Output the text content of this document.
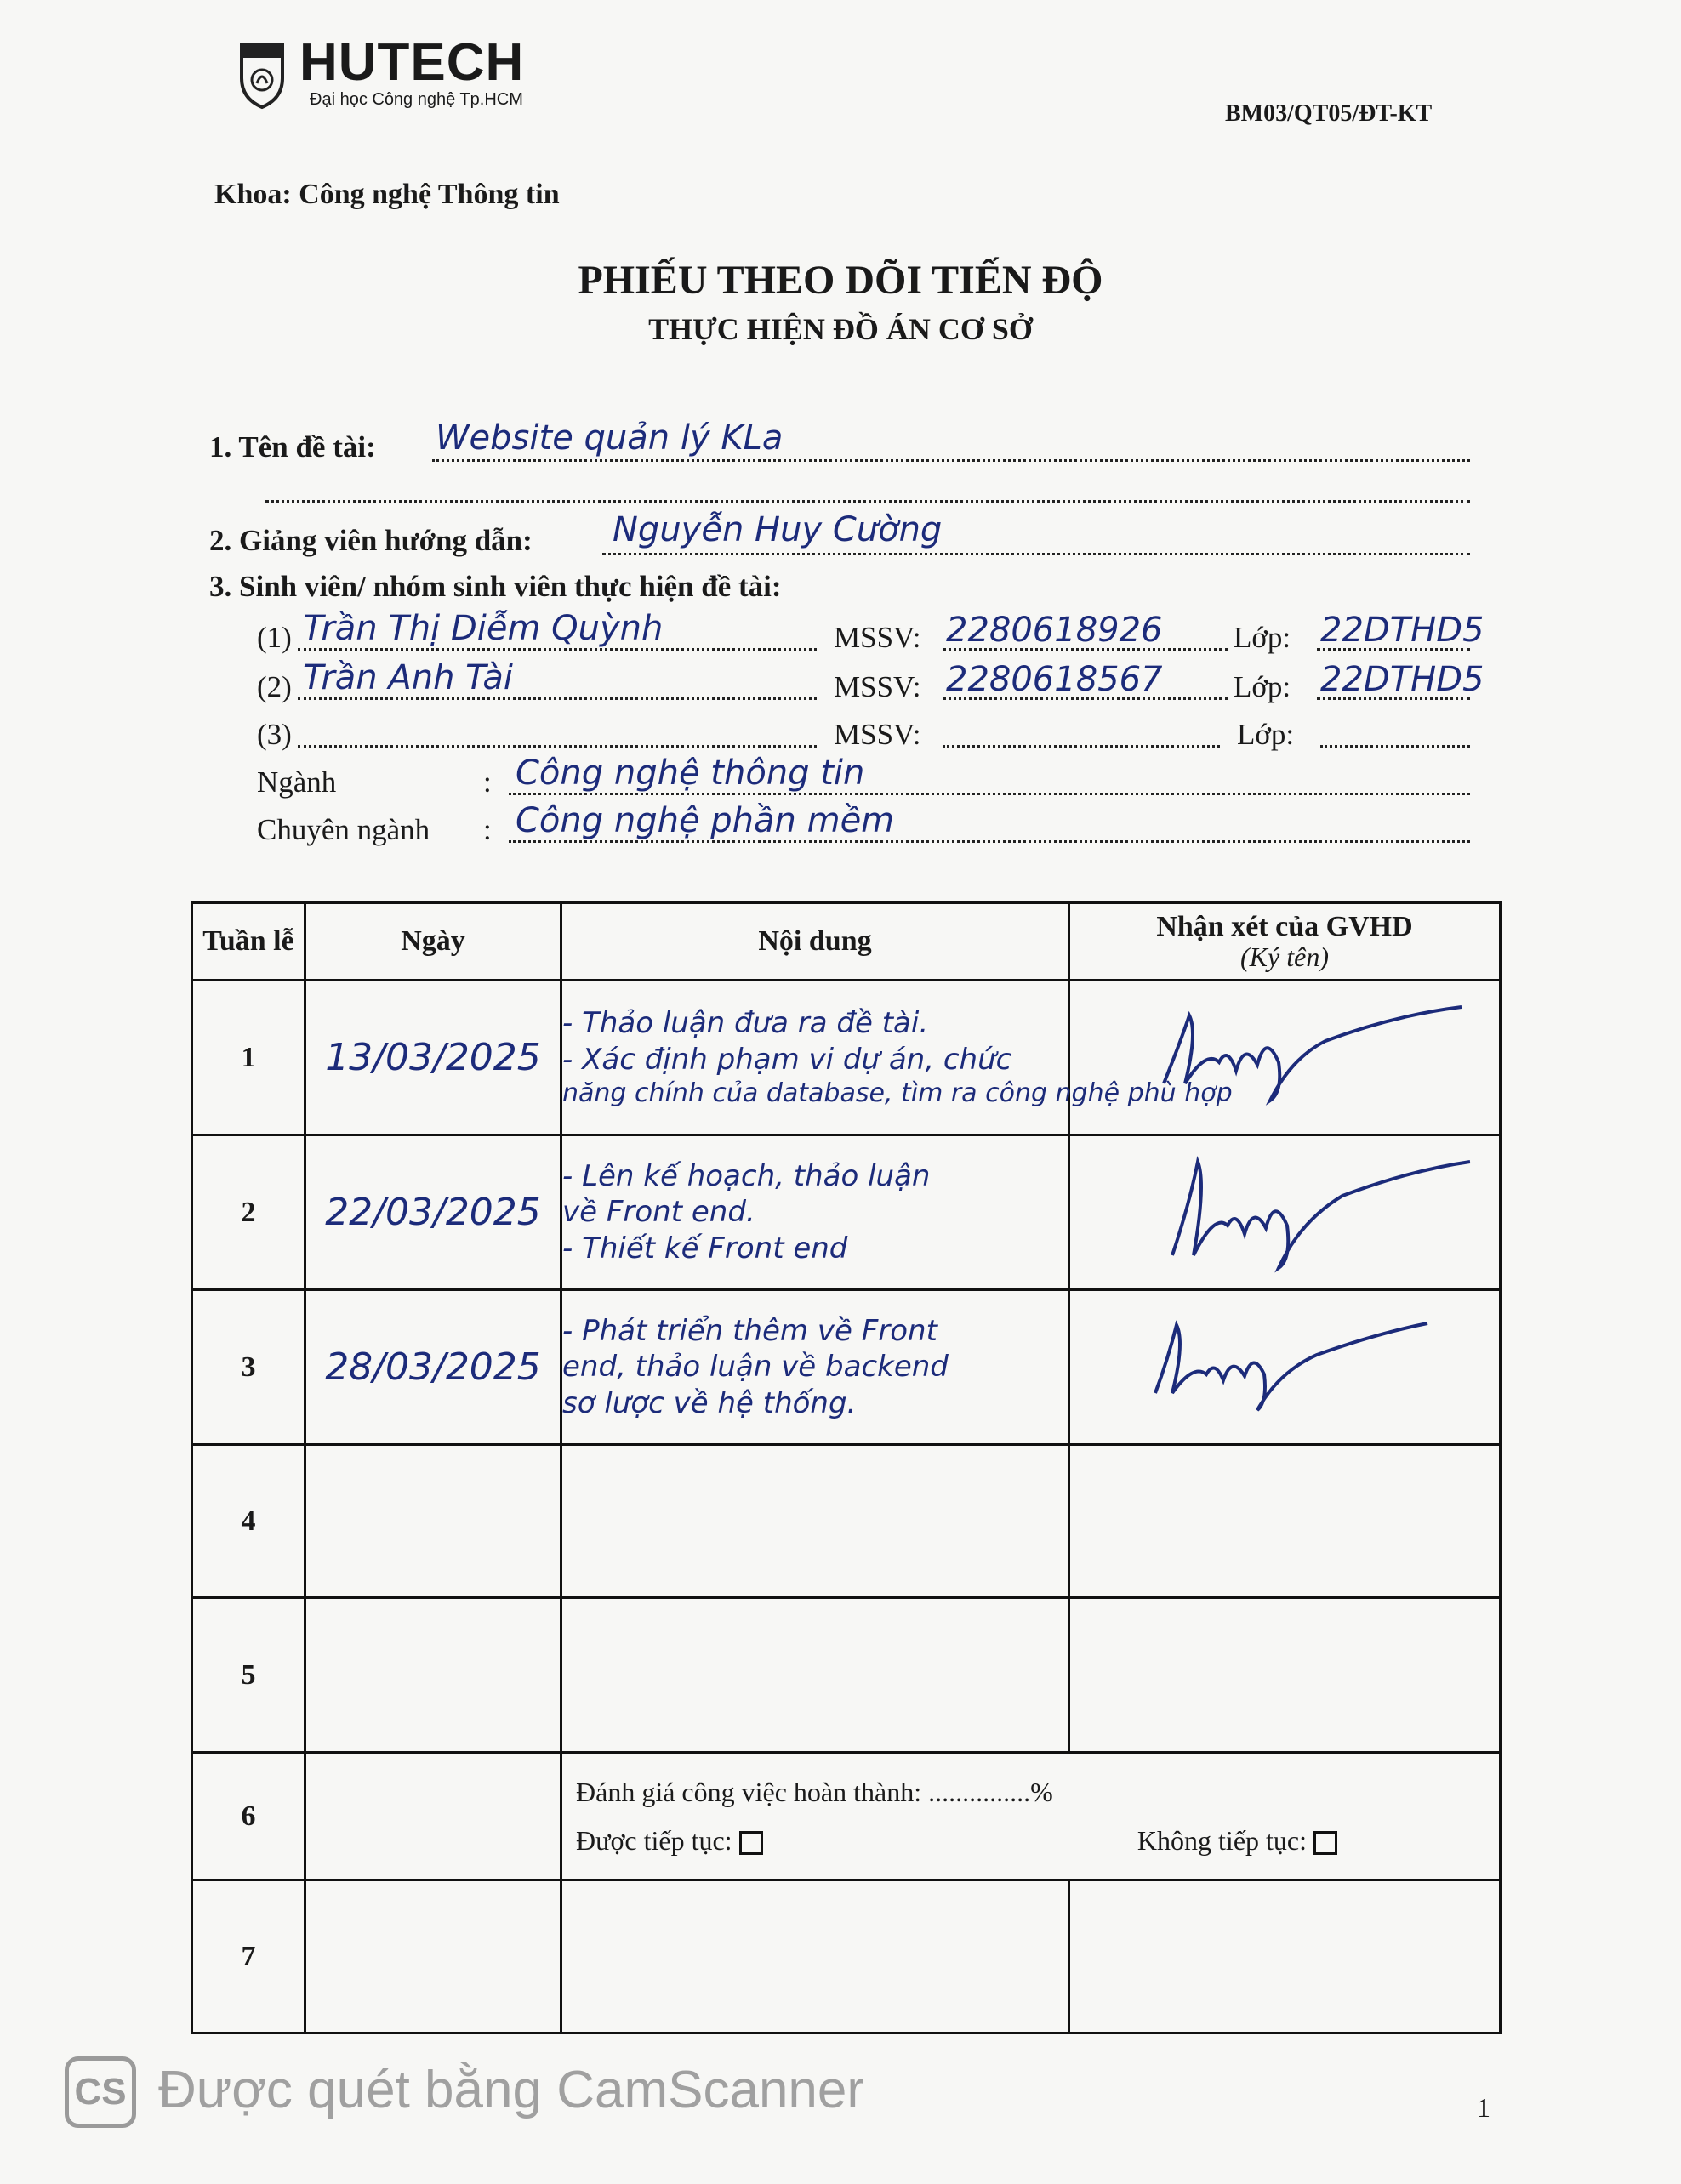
HUTECH
Đại học Công nghệ Tp.HCM
BM03/QT05/ĐT-KT
Khoa: Công nghệ Thông tin
PHIẾU THEO DÕI TIẾN ĐỘ
THỰC HIỆN ĐỒ ÁN CƠ SỞ
1. Tên đề tài: Website quản lý KLa
2. Giảng viên hướng dẫn: Nguyễn Huy Cường
3. Sinh viên/ nhóm sinh viên thực hiện đề tài:
(1) Trần Thị Diễm Quỳnh	MSSV: 2280618926 Lớp: 22DTHD5
(2) Trần Anh Tài	MSSV: 2280618567 Lớp: 22DTHD5
(3)	MSSV:	Lớp:
Ngành	: Công nghệ thông tin
Chuyên ngành : Công nghệ phần mềm
Tuần lễ	Ngày	Nội dung	Nhận xét của GVHD
(Ký tên)

1	13/03/2025	- Thảo luận đưa ra đề tài.
- Xác định phạm vi dự án, chức
năng chính của database, tìm ra công nghệ phù hợp

2	22/03/2025	- Lên kế hoạch, thảo luận
về Front end.
- Thiết kế Front end

3	28/03/2025	- Phát triển thêm về Front
end, thảo luận về backend
sơ lược về hệ thống.

4			
5			
6		Đánh giá công việc hoàn thành: ...............%
Được tiếp tục: Không tiếp tục:	

7			
CS Được quét bằng CamScanner	1
